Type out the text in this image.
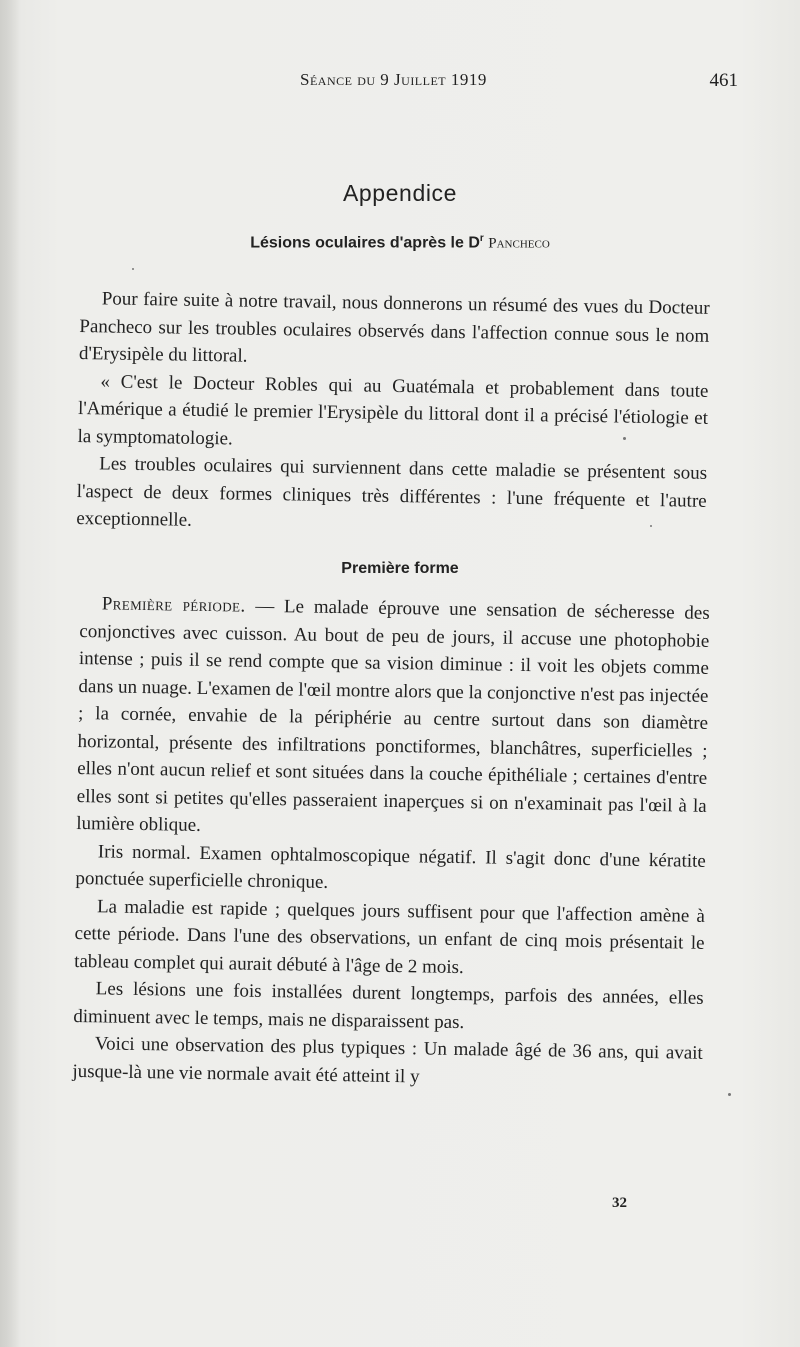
Séance du 9 Juillet 1919	461
Appendice
Lésions oculaires d'après le $D^r$ Pancheco

Pour faire suite à notre travail, nous donnerons un résumé des vues du Docteur Pancheco sur les troubles oculaires observés dans l'affection connue sous le nom d'Erysipèle du littoral.

« C'est le Docteur Robles qui au Guatémala et probablement dans toute l'Amérique a étudié le premier l'Erysipèle du littoral dont il a précisé l'étiologie et la symptomatologie.

Les troubles oculaires qui surviennent dans cette maladie se présentent sous l'aspect de deux formes cliniques très différentes : l'une fréquente et l'autre exceptionnelle.

Première forme

Première période. — Le malade éprouve une sensation de sécheresse des conjonctives avec cuisson. Au bout de peu de jours, il accuse une photophobie intense ; puis il se rend compte que sa vision diminue : il voit les objets comme dans un nuage. L'examen de l'œil montre alors que la conjonctive n'est pas injectée ; la cornée, envahie de la périphérie au centre surtout dans son diamètre horizontal, présente des infiltrations ponctiformes, blanchâtres, superficielles ; elles n'ont aucun relief et sont situées dans la couche épithéliale ; certaines d'entre elles sont si petites qu'elles passeraient inaperçues si on n'examinait pas l'œil à la lumière oblique.

Iris normal. Examen ophtalmoscopique négatif. Il s'agit donc d'une kératite ponctuée superficielle chronique.

La maladie est rapide ; quelques jours suffisent pour que l'affection amène à cette période. Dans l'une des observations, un enfant de cinq mois présentait le tableau complet qui aurait débuté à l'âge de 2 mois.

Les lésions une fois installées durent longtemps, parfois des années, elles diminuent avec le temps, mais ne disparaissent pas.

Voici une observation des plus typiques : Un malade âgé de 36 ans, qui avait jusque-là une vie normale avait été atteint il y

32
